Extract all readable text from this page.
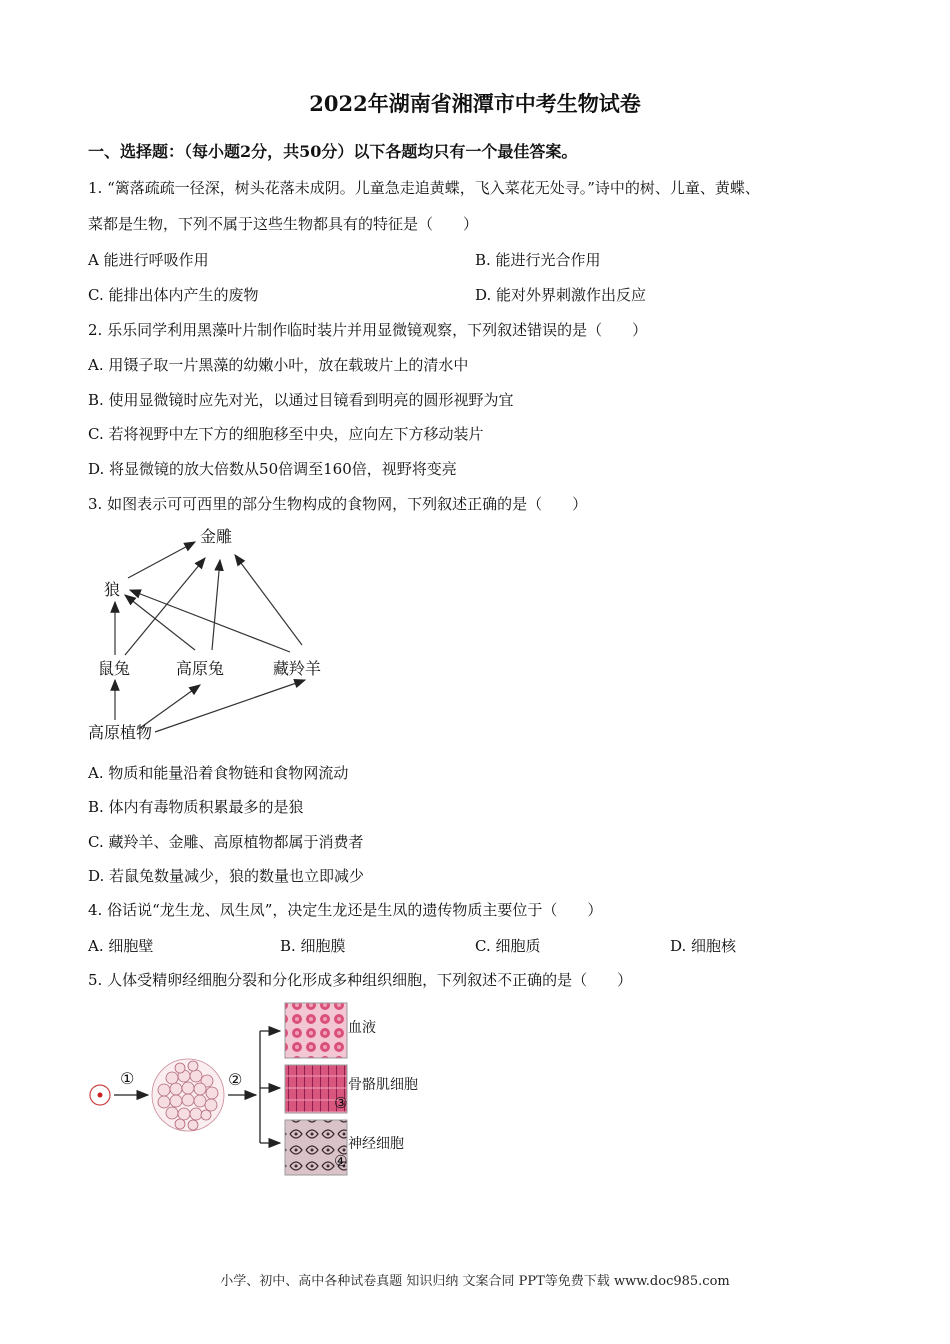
2022年湖南省湘潭市中考生物试卷
一、选择题：（每小题2分，共50分）以下各题均只有一个最佳答案。
1. “篱落疏疏一径深，树头花落未成阴。儿童急走追黄蝶，飞入菜花无处寻。”诗中的树、儿童、黄蝶、
菜都是生物，下列不属于这些生物都具有的特征是（　　）
A 能进行呼吸作用	B. 能进行光合作用
C. 能排出体内产生的废物	D. 能对外界刺激作出反应
2. 乐乐同学利用黑藻叶片制作临时装片并用显微镜观察，下列叙述错误的是（　　）
A. 用镊子取一片黑藻的幼嫩小叶，放在载玻片上的清水中
B. 使用显微镜时应先对光，以通过目镜看到明亮的圆形视野为宜
C. 若将视野中左下方的细胞移至中央，应向左下方移动装片
D. 将显微镜的放大倍数从50倍调至160倍，视野将变亮
3. 如图表示可可西里的部分生物构成的食物网，下列叙述正确的是（　　）
金雕
狼
鼠兔	高原兔	藏羚羊
高原植物
A. 物质和能量沿着食物链和食物网流动
B. 体内有毒物质积累最多的是狼
C. 藏羚羊、金雕、高原植物都属于消费者
D. 若鼠兔数量减少，狼的数量也立即减少
4. 俗话说“龙生龙、凤生凤”，决定生龙还是生凤的遗传物质主要位于（　　）
A. 细胞壁	B. 细胞膜	C. 细胞质	D. 细胞核
5. 人体受精卵经细胞分裂和分化形成多种组织细胞，下列叙述不正确的是（　　）
①	②
血液
骨骼肌细胞
③
神经细胞
④
小学、初中、高中各种试卷真题 知识归纳 文案合同 PPT等免费下载 www.doc985.com
